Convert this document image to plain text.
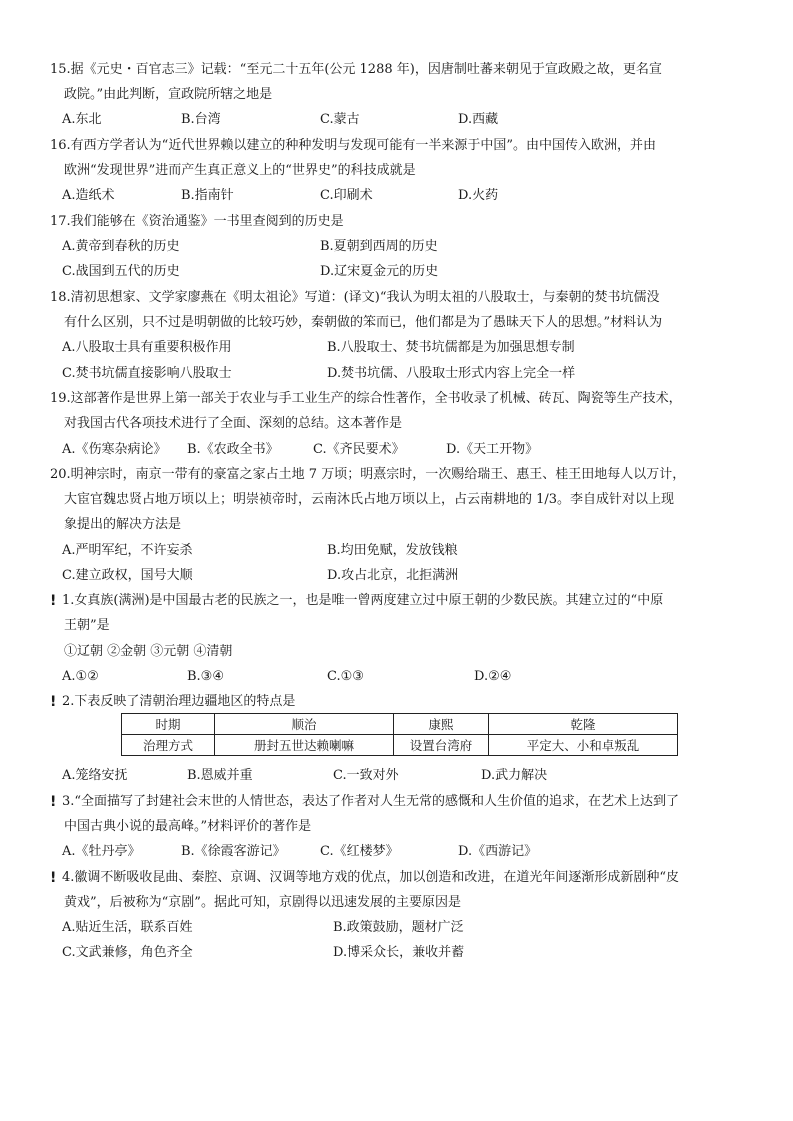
15.据《元史・百官志三》记载：“至元二十五年(公元 1288 年)，因唐制吐蕃来朝见于宣政殿之故，更名宣
政院。”由此判断，宣政院所辖之地是
A.东北	B.台湾	C.蒙古	D.西藏
16.有西方学者认为“近代世界赖以建立的种种发明与发现可能有一半来源于中国”。由中国传入欧洲，并由
欧洲“发现世界”进而产生真正意义上的“世界史”的科技成就是
A.造纸术	B.指南针	C.印刷术	D.火药
17.我们能够在《资治通鉴》一书里查阅到的历史是
A.黄帝到春秋的历史	B.夏朝到西周的历史
C.战国到五代的历史	D.辽宋夏金元的历史
18.清初思想家、文学家廖燕在《明太祖论》写道：(译文)“我认为明太祖的八股取士，与秦朝的焚书坑儒没
有什么区别，只不过是明朝做的比较巧妙，秦朝做的笨而已，他们都是为了愚昧天下人的思想。”材料认为
A.八股取士具有重要积极作用	B.八股取士、焚书坑儒都是为加强思想专制
C.焚书坑儒直接影响八股取士	D.焚书坑儒、八股取士形式内容上完全一样
19.这部著作是世界上第一部关于农业与手工业生产的综合性著作，全书收录了机械、砖瓦、陶瓷等生产技术，
对我国古代各项技术进行了全面、深刻的总结。这本著作是
A.《伤寒杂病论》 B.《农政全书》	C.《齐民要术》	D.《天工开物》
20.明神宗时，南京一带有的豪富之家占土地 7 万顷；明熹宗时，一次赐给瑞王、惠王、桂王田地每人以万计，
大宦官魏忠贤占地万顷以上；明崇祯帝时，云南沐氏占地万顷以上，占云南耕地的 1/3。李自成针对以上现
象提出的解决方法是
A.严明军纪，不许妄杀	B.均田免赋，发放钱粮
C.建立政权，国号大顺	D.攻占北京，北拒满洲
! 1.女真族(满洲)是中国最古老的民族之一，也是唯一曾两度建立过中原王朝的少数民族。其建立过的“中原
王朝”是
①辽朝 ②金朝 ③元朝 ④清朝
A.①②	B.③④	C.①③	D.②④
! 2.下表反映了清朝治理边疆地区的特点是
时期	顺治	康熙	乾隆
治理方式	册封五世达赖喇嘛	设置台湾府	平定大、小和卓叛乱
A.笼络安抚	B.恩威并重	C.一致对外	D.武力解决
! 3.“全面描写了封建社会末世的人情世态，表达了作者对人生无常的感慨和人生价值的追求，在艺术上达到了
中国古典小说的最高峰。”材料评价的著作是
A.《牡丹亭》	B.《徐霞客游记》	C.《红楼梦》	D.《西游记》
! 4.徽调不断吸收昆曲、秦腔、京调、汉调等地方戏的优点，加以创造和改进，在道光年间逐渐形成新剧种“皮
黄戏”，后被称为“京剧”。据此可知，京剧得以迅速发展的主要原因是
A.贴近生活，联系百姓	B.政策鼓励，题材广泛
C.文武兼修，角色齐全	D.博采众长，兼收并蓄
